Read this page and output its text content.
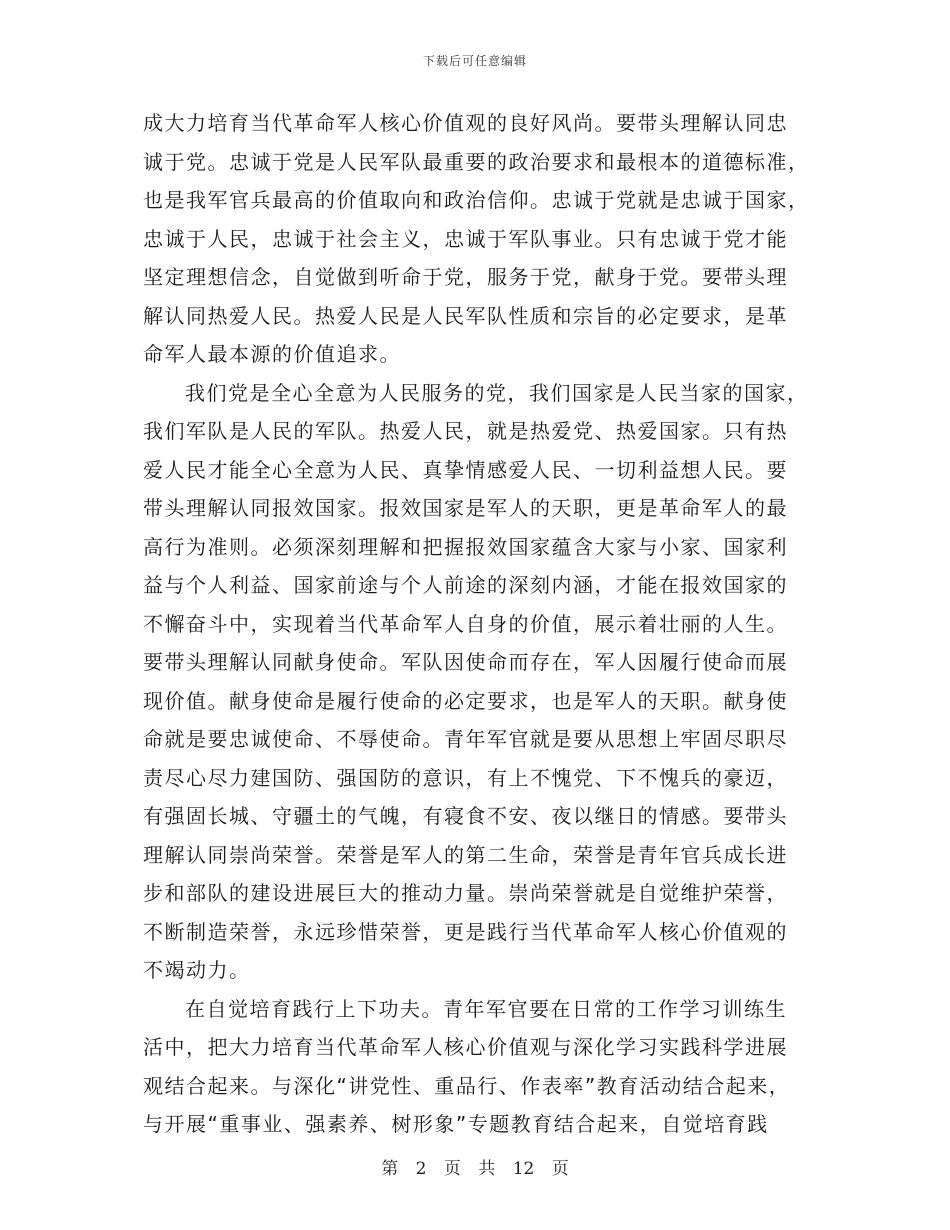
下载后可任意编辑
成大力培育当代革命军人核心价值观的良好风尚。要带头理解认同忠
诚于党。忠诚于党是人民军队最重要的政治要求和最根本的道德标准，
也是我军官兵最高的价值取向和政治信仰。忠诚于党就是忠诚于国家，
忠诚于人民，忠诚于社会主义，忠诚于军队事业。只有忠诚于党才能
坚定理想信念，自觉做到听命于党，服务于党，献身于党。要带头理
解认同热爱人民。热爱人民是人民军队性质和宗旨的必定要求，是革
命军人最本源的价值追求。
我们党是全心全意为人民服务的党，我们国家是人民当家的国家，
我们军队是人民的军队。热爱人民，就是热爱党、热爱国家。只有热
爱人民才能全心全意为人民、真挚情感爱人民、一切利益想人民。要
带头理解认同报效国家。报效国家是军人的天职，更是革命军人的最
高行为准则。必须深刻理解和把握报效国家蕴含大家与小家、国家利
益与个人利益、国家前途与个人前途的深刻内涵，才能在报效国家的
不懈奋斗中，实现着当代革命军人自身的价值，展示着壮丽的人生。
要带头理解认同献身使命。军队因使命而存在，军人因履行使命而展
现价值。献身使命是履行使命的必定要求，也是军人的天职。献身使
命就是要忠诚使命、不辱使命。青年军官就是要从思想上牢固尽职尽
责尽心尽力建国防、强国防的意识，有上不愧党、下不愧兵的豪迈，
有强固长城、守疆土的气魄，有寝食不安、夜以继日的情感。要带头
理解认同崇尚荣誉。荣誉是军人的第二生命，荣誉是青年官兵成长进
步和部队的建设进展巨大的推动力量。崇尚荣誉就是自觉维护荣誉，
不断制造荣誉，永远珍惜荣誉，更是践行当代革命军人核心价值观的
不竭动力。
在自觉培育践行上下功夫。青年军官要在日常的工作学习训练生
活中，把大力培育当代革命军人核心价值观与深化学习实践科学进展
观结合起来。与深化“讲党性、重品行、作表率”教育活动结合起来，
与开展“重事业、强素养、树形象”专题教育结合起来，自觉培育践
第 2 页 共 12 页
